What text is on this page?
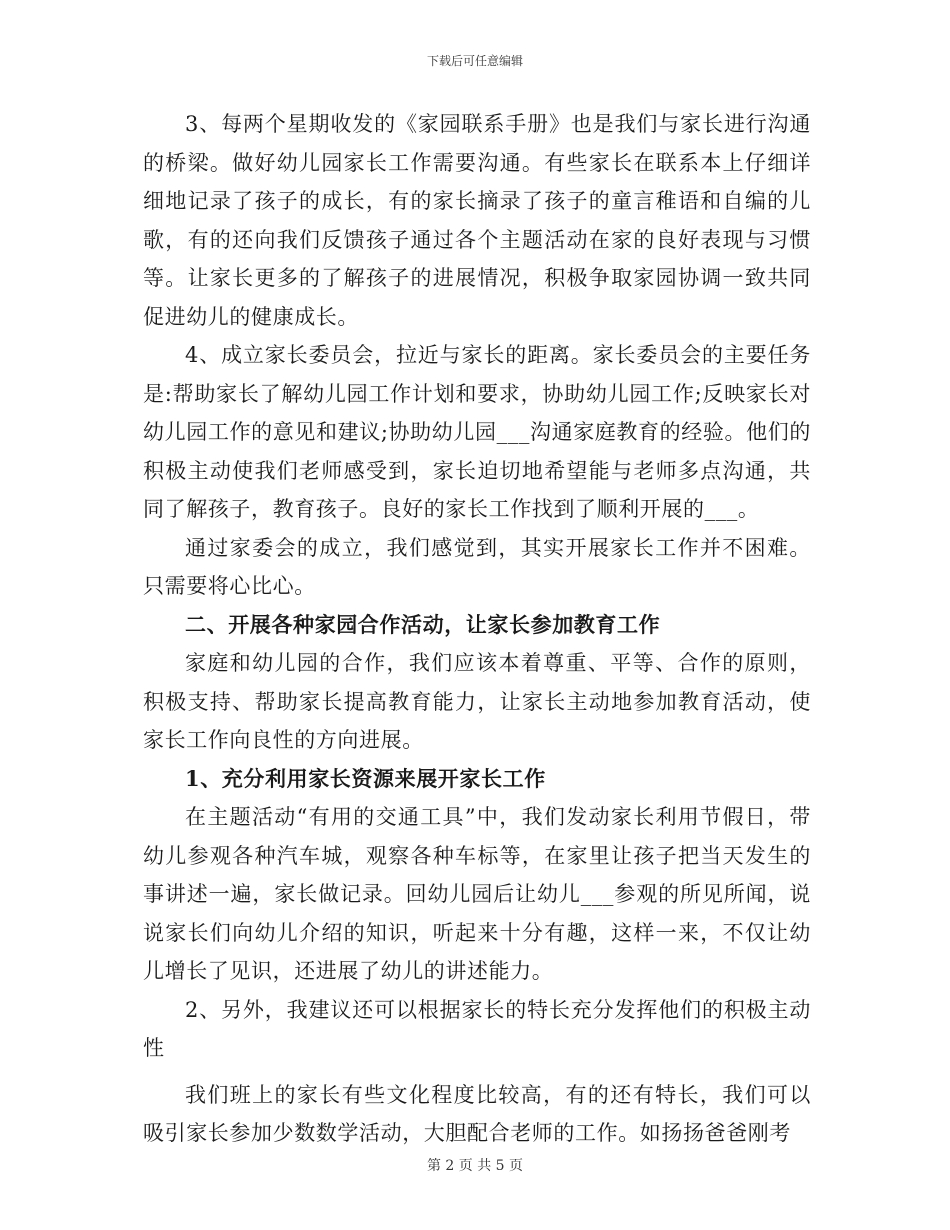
下载后可任意编辑

3、每两个星期收发的《家园联系手册》也是我们与家长进行沟通的桥梁。做好幼儿园家长工作需要沟通。有些家长在联系本上仔细详细地记录了孩子的成长，有的家长摘录了孩子的童言稚语和自编的儿歌，有的还向我们反馈孩子通过各个主题活动在家的良好表现与习惯等。让家长更多的了解孩子的进展情况，积极争取家园协调一致共同促进幼儿的健康成长。

4、成立家长委员会，拉近与家长的距离。家长委员会的主要任务是:帮助家长了解幼儿园工作计划和要求，协助幼儿园工作;反映家长对幼儿园工作的意见和建议;协助幼儿园___沟通家庭教育的经验。他们的积极主动使我们老师感受到，家长迫切地希望能与老师多点沟通，共同了解孩子，教育孩子。良好的家长工作找到了顺利开展的___。

通过家委会的成立，我们感觉到，其实开展家长工作并不困难。只需要将心比心。

二、开展各种家园合作活动，让家长参加教育工作

家庭和幼儿园的合作，我们应该本着尊重、平等、合作的原则，积极支持、帮助家长提高教育能力，让家长主动地参加教育活动，使家长工作向良性的方向进展。

1、充分利用家长资源来展开家长工作

在主题活动“有用的交通工具”中，我们发动家长利用节假日，带幼儿参观各种汽车城，观察各种车标等，在家里让孩子把当天发生的事讲述一遍，家长做记录。回幼儿园后让幼儿___参观的所见所闻，说说家长们向幼儿介绍的知识，听起来十分有趣，这样一来，不仅让幼儿增长了见识，还进展了幼儿的讲述能力。

2、另外，我建议还可以根据家长的特长充分发挥他们的积极主动性

我们班上的家长有些文化程度比较高，有的还有特长，我们可以吸引家长参加少数数学活动，大胆配合老师的工作。如扬扬爸爸刚考

第 2 页 共 5 页
